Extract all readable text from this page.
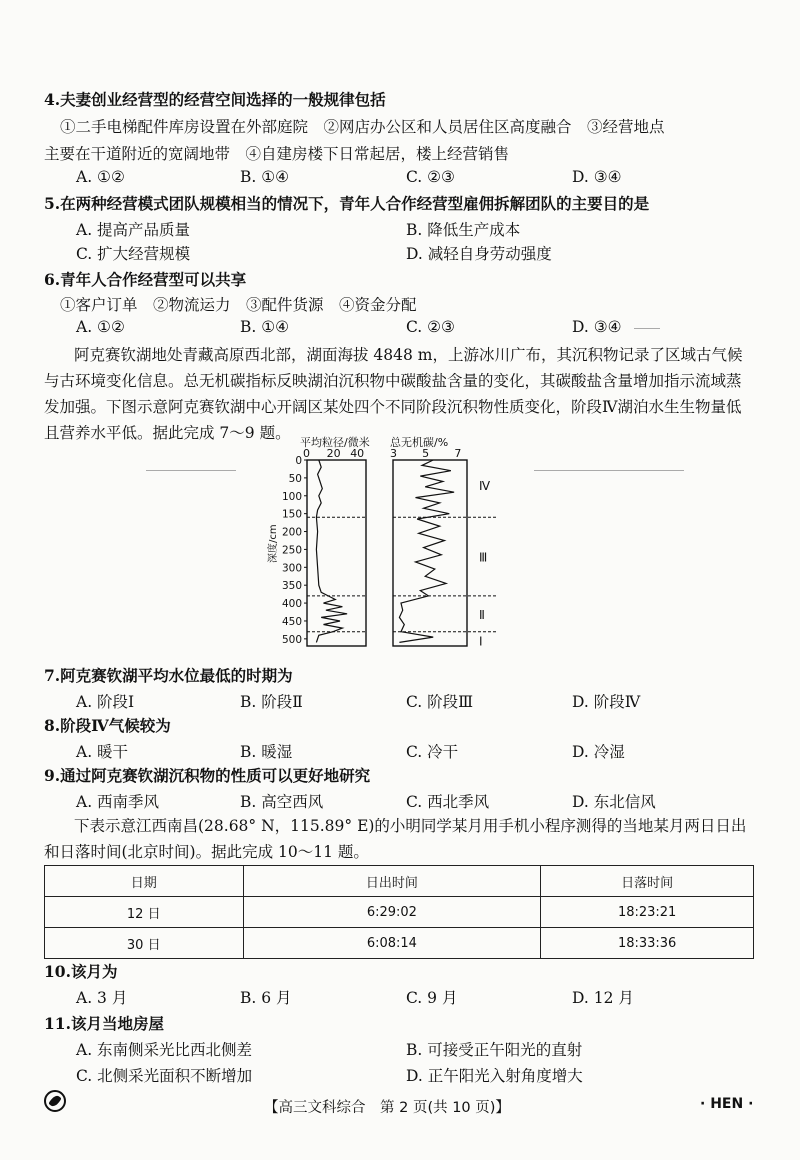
4.夫妻创业经营型的经营空间选择的一般规律包括
①二手电梯配件库房设置在外部庭院　②网店办公区和人员居住区高度融合　③经营地点
主要在干道附近的宽阔地带　④自建房楼下日常起居，楼上经营销售
A. ①②	B. ①④	C. ②③	D. ③④
5.在两种经营模式团队规模相当的情况下，青年人合作经营型雇佣拆解团队的主要目的是
A. 提高产品质量	B. 降低生产成本
C. 扩大经营规模	D. 减轻自身劳动强度
6.青年人合作经营型可以共享
①客户订单　②物流运力　③配件货源　④资金分配
A. ①②	B. ①④	C. ②③	D. ③④
阿克赛钦湖地处青藏高原西北部，湖面海拔 4848 m，上游冰川广布，其沉积物记录了区域古气候与古环境变化信息。总无机碳指标反映湖泊沉积物中碳酸盐含量的变化，其碳酸盐含量增加指示流域蒸发加强。下图示意阿克赛钦湖中心开阔区某处四个不同阶段沉积物性质变化，阶段Ⅳ湖泊水生生物量低且营养水平低。据此完成 7～9 题。
平均粒径/微米 总无机碳/%
0 20 40 3 5 7
0
50
100
150
200
250
300
350
400
450
500
深度/cm
Ⅳ
Ⅲ
Ⅱ
Ⅰ
7.阿克赛钦湖平均水位最低的时期为
A. 阶段Ⅰ	B. 阶段Ⅱ	C. 阶段Ⅲ	D. 阶段Ⅳ
8.阶段Ⅳ气候较为
A. 暖干	B. 暖湿	C. 冷干	D. 冷湿
9.通过阿克赛钦湖沉积物的性质可以更好地研究
A. 西南季风	B. 高空西风	C. 西北季风	D. 东北信风
下表示意江西南昌(28.68° N，115.89° E)的小明同学某月用手机小程序测得的当地某月两日日出和日落时间(北京时间)。据此完成 10～11 题。
日期	日出时间	日落时间
12 日	6:29:02	18:23:21
30 日	6:08:14	18:33:36
10.该月为
A. 3 月	B. 6 月	C. 9 月	D. 12 月
11.该月当地房屋
A. 东南侧采光比西北侧差	B. 可接受正午阳光的直射
C. 北侧采光面积不断增加	D. 正午阳光入射角度增大
【高三文科综合　第 2 页(共 10 页)】	· HEN ·
